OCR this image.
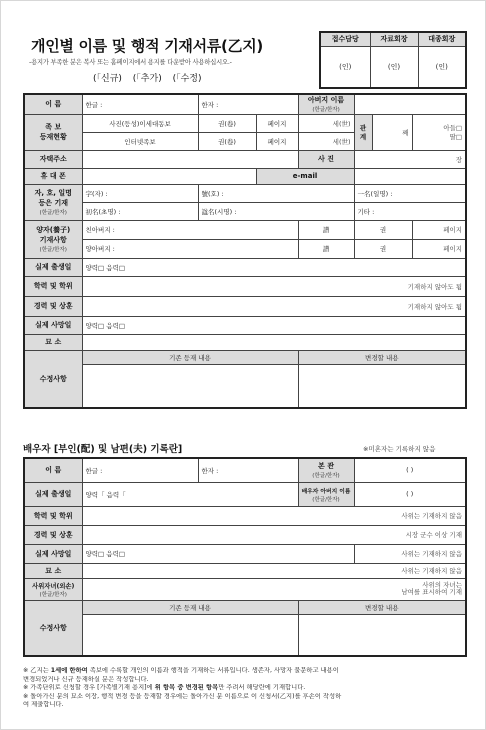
개인별 이름 및 행적 기재서류(乙지)
-용지가 부족한 분은 복사 또는 홈페이지에서 용지를 다운받아 사용하십시오.-
(「신규) (「추가) (「수정)
접수담당	자료회장	대종회장
(인)	(인)	(인)
이 름	한글 :	한자 :		아버지 이름
(한글/한자)			

족 보
등재현황	사진(등성)이세대동보	권(卷)	페이지	세(世)	관계	째	아들□
딸□
	인터넷족보	권(卷)	페이지	세(世)			
자택주소				사 진	장		
휴 대 폰			e-mail				
자, 호, 일명
등은 기재
(한글/한자)	字(자) :	號(호) :			一名(일명) :		
	初名(초명) :	諡名(시명) :			기타 :		
양자(養子)
기재사항
(한글/한자)	친아버지 :			譜	권		페이지
	양아버지 :			譜	권		페이지
실제 출생일	양력□ 음력□						
학력 및 학위	기재하지 않아도 됨						
경력 및 상훈	기재하지 않아도 됨						
실제 사망일	양력□ 음력□						
묘 소							
수정사항	기존 등재 내용			변경할 내용			

배우자 [부인(配) 및 남편(夫) 기록란]	※미혼자는 기록하지 않음
이 름	한글 :	한자 :	본 관
(한글/한자)	( )
실제 출생일	양력「 음력「		배우자 아버지 이름
(한글/한자)	( )
학력 및 학위	사위는 기재하지 않음			
경력 및 상훈	시장 군수 이상 기재			
실제 사망일	양력□ 음력□			사위는 기재하지 않음
묘 소	사위는 기재하지 않음			
사위자녀(외손)
(한글/한자)	사위의 자녀는
남여를 표시하여 기재			
수정사항	기존 등재 내용		변경할 내용	

※ 乙지는 1세에 한하여 족보에 수록할 개인의 이름과 행적을 기재하는 서류입니다. 생존자, 사망자 불문하고 내용이

변경되었거나 신규 등재하실 분은 작성합니다.

※ 가족단위로 신청할 경우 [가족별기재 용지]에 위 항목 중 변경된 항목만 추려서 해당란에 기재합니다.

※ 돌아가신 분의 묘소 이장, 행적 변경 등을 등재할 경우에는 돌아가신 분 이름으로 이 신청서(乙지)를 후손이 작성하

여 제출합니다.
